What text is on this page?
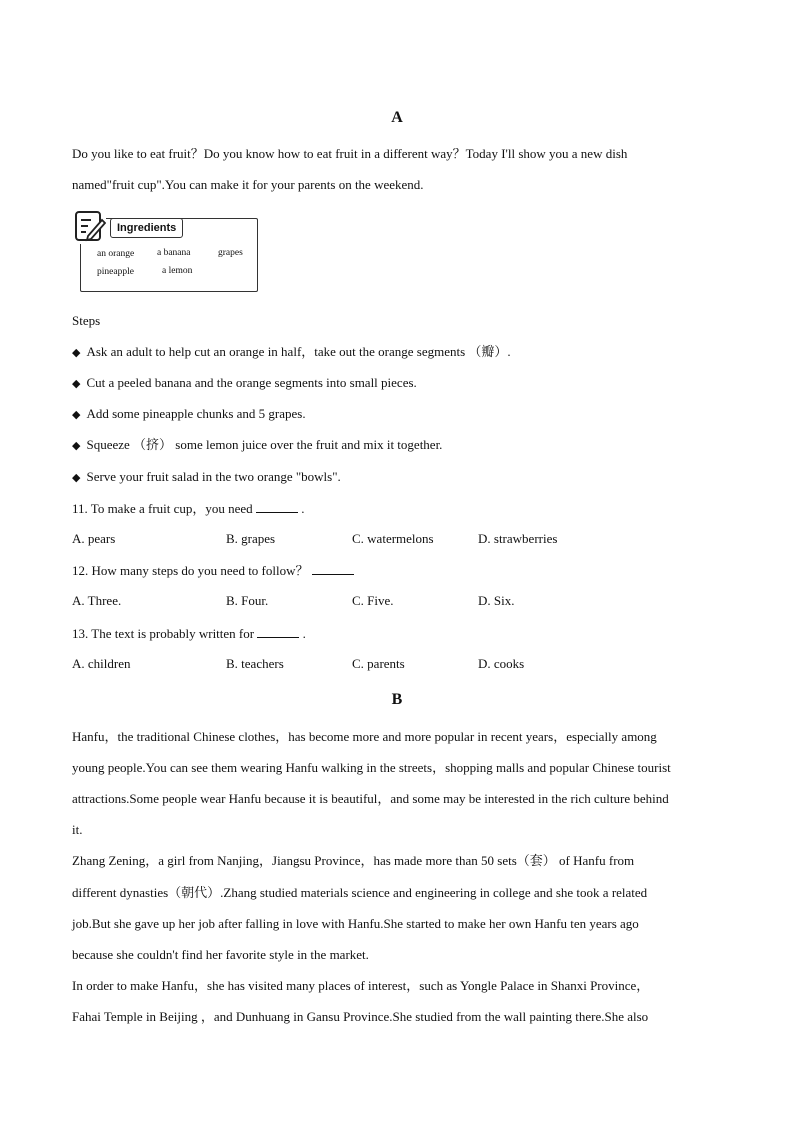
A
Do you like to eat fruit？Do you know how to eat fruit in a different way？Today I'll show you a new dish
named"fruit cup".You can make it for your parents on the weekend.
Ingredients
an orange a banana	grapes
pineapple	a lemon
Steps
◆ Ask an adult to help cut an orange in half，take out the orange segments （瓣）.
◆ Cut a peeled banana and the orange segments into small pieces.
◆ Add some pineapple chunks and 5 grapes.
◆ Squeeze （挤） some lemon juice over the fruit and mix it together.
◆ Serve your fruit salad in the two orange "bowls".
11. To make a fruit cup，you need	.
A. pears	B. grapes	C. watermelons	D. strawberries
12. How many steps do you need to follow？
A. Three.	B. Four.	C. Five.	D. Six.
13. The text is probably written for	.
A. children	B. teachers	C. parents	D. cooks
B
Hanfu，the traditional Chinese clothes，has become more and more popular in recent years，especially among
young people.You can see them wearing Hanfu walking in the streets，shopping malls and popular Chinese tourist
attractions.Some people wear Hanfu because it is beautiful，and some may be interested in the rich culture behind
it.
Zhang Zening，a girl from Nanjing，Jiangsu Province，has made more than 50 sets（套） of Hanfu from
different dynasties（朝代）.Zhang studied materials science and engineering in college and she took a related
job.But she gave up her job after falling in love with Hanfu.She started to make her own Hanfu ten years ago
because she couldn't find her favorite style in the market.
In order to make Hanfu，she has visited many places of interest，such as Yongle Palace in Shanxi Province，
Fahai Temple in Beijing ，and Dunhuang in Gansu Province.She studied from the wall painting there.She also
